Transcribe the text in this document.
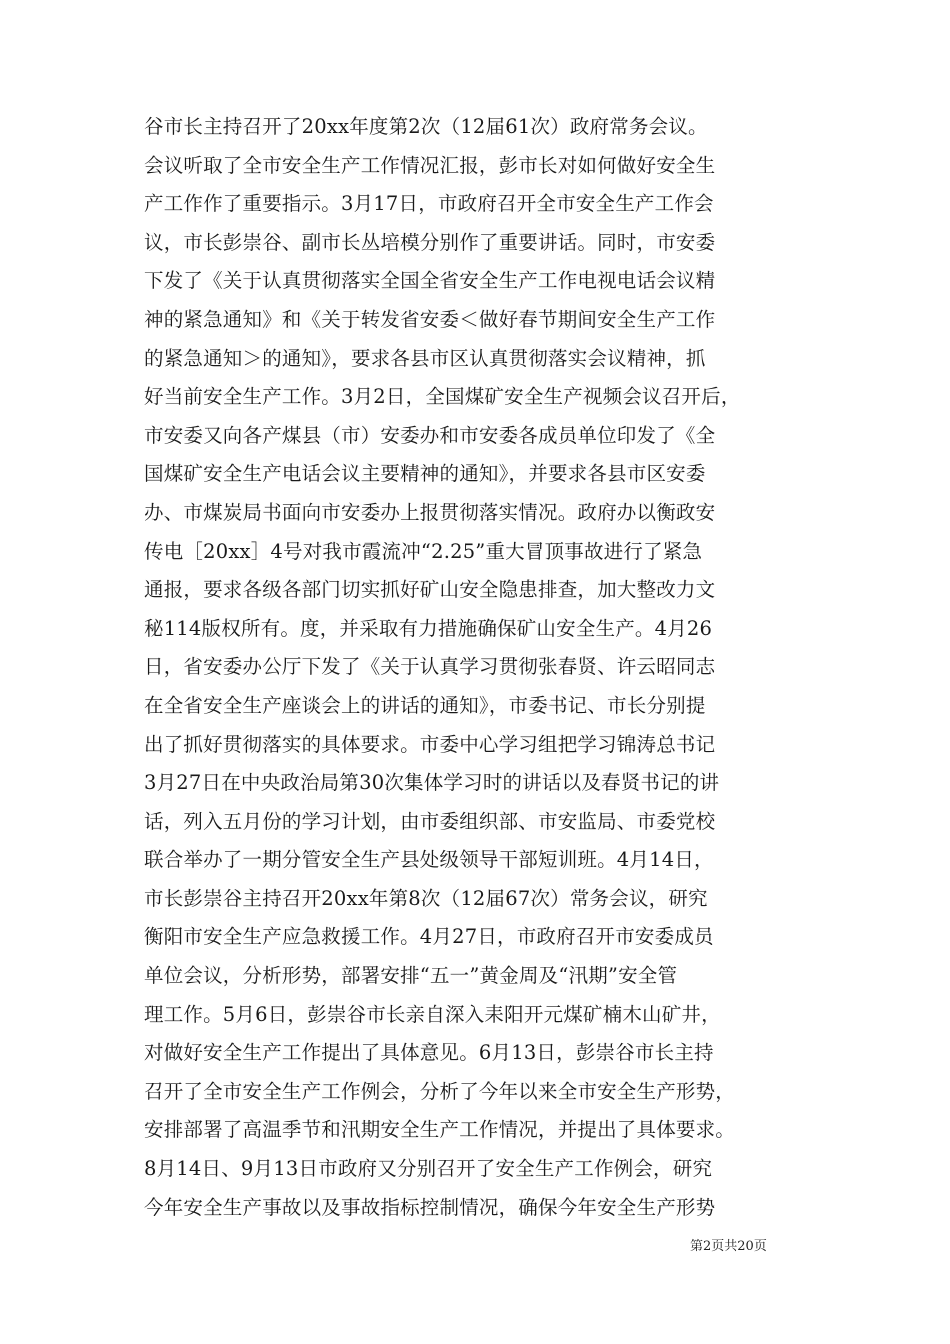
谷市长主持召开了20xx年度第2次（12届61次）政府常务会议。
会议听取了全市安全生产工作情况汇报，彭市长对如何做好安全生
产工作作了重要指示。3月17日，市政府召开全市安全生产工作会
议，市长彭崇谷、副市长丛培模分别作了重要讲话。同时，市安委
下发了《关于认真贯彻落实全国全省安全生产工作电视电话会议精
神的紧急通知》和《关于转发省安委＜做好春节期间安全生产工作
的紧急通知＞的通知》，要求各县市区认真贯彻落实会议精神，抓
好当前安全生产工作。3月2日，全国煤矿安全生产视频会议召开后，
市安委又向各产煤县（市）安委办和市安委各成员单位印发了《全
国煤矿安全生产电话会议主要精神的通知》，并要求各县市区安委
办、市煤炭局书面向市安委办上报贯彻落实情况。政府办以衡政安
传电［20xx］4号对我市霞流冲“2.25”重大冒顶事故进行了紧急
通报，要求各级各部门切实抓好矿山安全隐患排查，加大整改力文
秘114版权所有。度，并采取有力措施确保矿山安全生产。4月26
日，省安委办公厅下发了《关于认真学习贯彻张春贤、许云昭同志
在全省安全生产座谈会上的讲话的通知》，市委书记、市长分别提
出了抓好贯彻落实的具体要求。市委中心学习组把学习锦涛总书记
3月27日在中央政治局第30次集体学习时的讲话以及春贤书记的讲
话，列入五月份的学习计划，由市委组织部、市安监局、市委党校
联合举办了一期分管安全生产县处级领导干部短训班。4月14日，
市长彭崇谷主持召开20xx年第8次（12届67次）常务会议，研究
衡阳市安全生产应急救援工作。4月27日，市政府召开市安委成员
单位会议，分析形势，部署安排“五一”黄金周及“汛期”安全管
理工作。5月6日，彭崇谷市长亲自深入耒阳开元煤矿楠木山矿井，
对做好安全生产工作提出了具体意见。6月13日，彭崇谷市长主持
召开了全市安全生产工作例会，分析了今年以来全市安全生产形势，
安排部署了高温季节和汛期安全生产工作情况，并提出了具体要求。
8月14日、9月13日市政府又分别召开了安全生产工作例会，研究
今年安全生产事故以及事故指标控制情况，确保今年安全生产形势
第2页共20页
